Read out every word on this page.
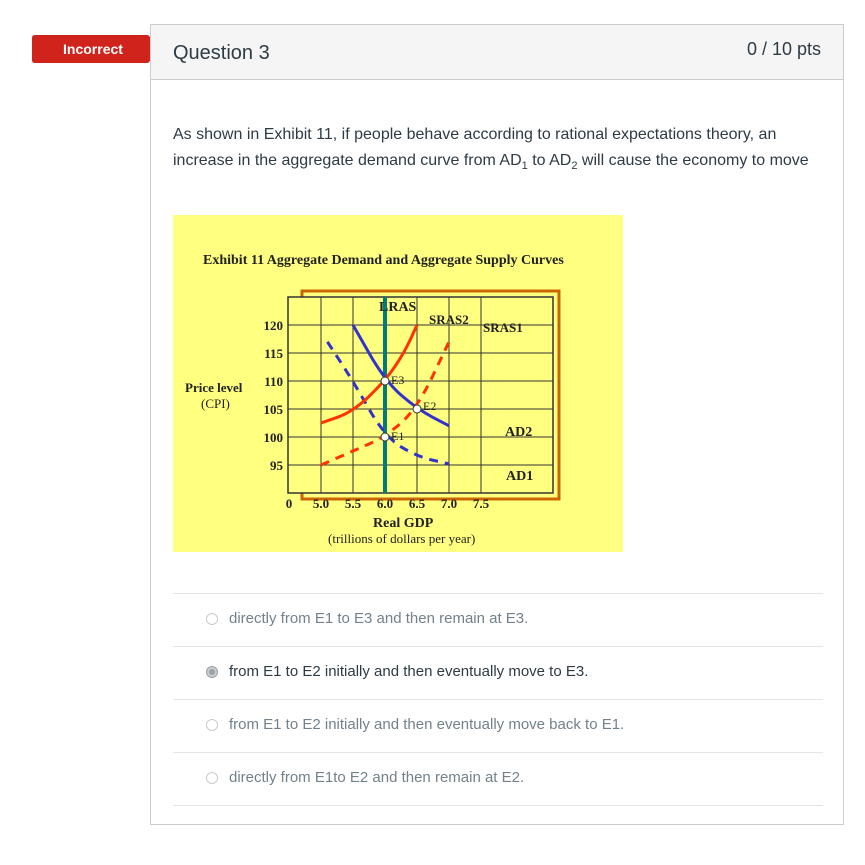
Incorrect	Question 3	0 / 10 pts
As shown in Exhibit 11, if people behave according to rational expectations theory, an increase in the aggregate demand curve from $AD_1$ to $AD_2$ will cause the economy to move
Exhibit 11 Aggregate Demand and Aggregate Supply Curves
0 5.0 5.5 6.0 6.5 7.0 7.5
95
100
105
110
115
120
E1
E2
E3
Price level
(CPI)
Real GDP
(trillions of dollars per year)
LRAS
SRAS2
SRAS1
AD2
AD1
directly from E1 to E3 and then remain at E3.
from E1 to E2 initially and then eventually move to E3.
from E1 to E2 initially and then eventually move back to E1.
directly from E1to E2 and then remain at E2.
